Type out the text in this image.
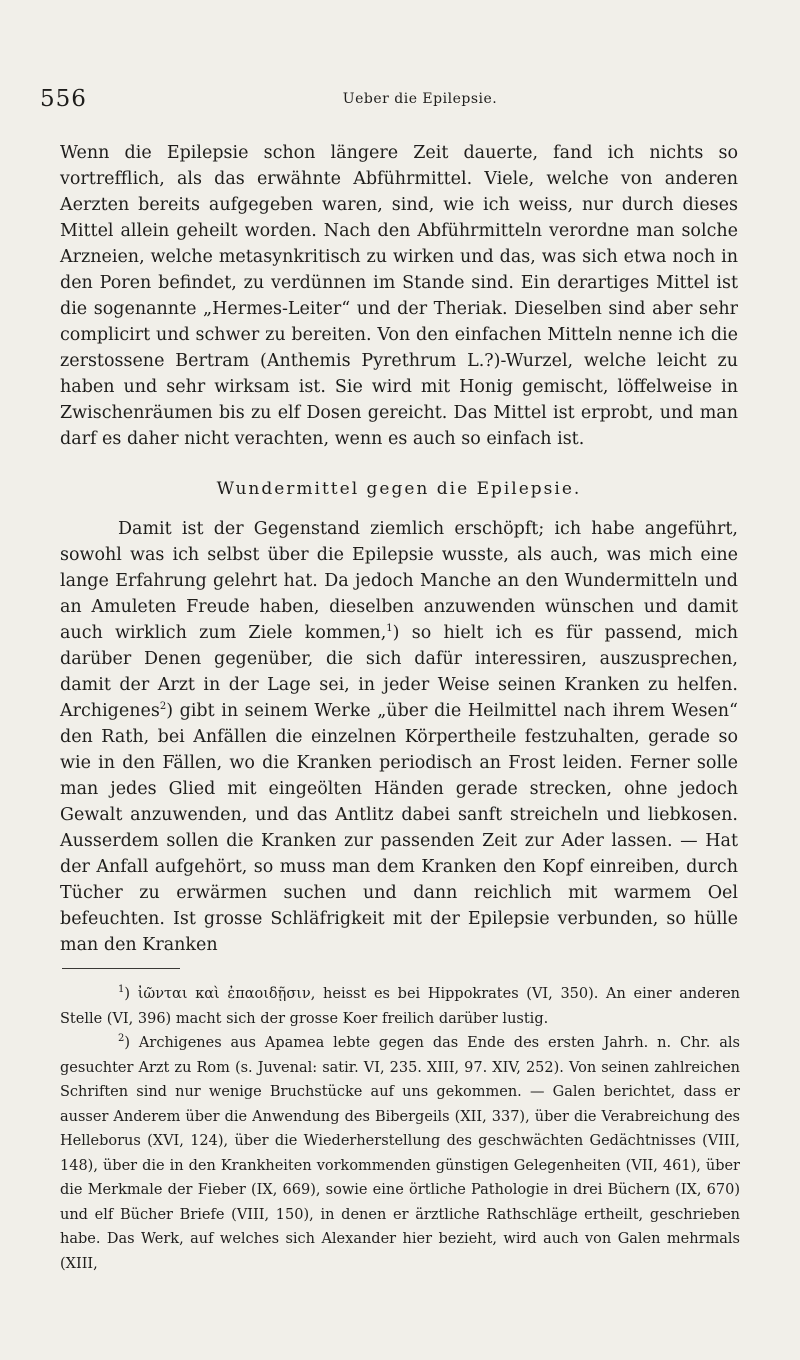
556	Ueber die Epilepsie.

Wenn die Epilepsie schon längere Zeit dauerte, fand ich nichts so vortrefflich, als das erwähnte Abführmittel. Viele, welche von anderen Aerzten bereits aufgegeben waren, sind, wie ich weiss, nur durch dieses Mittel allein geheilt worden. Nach den Abführmitteln verordne man solche Arzneien, welche metasynkritisch zu wirken und das, was sich etwa noch in den Poren befindet, zu verdünnen im Stande sind. Ein derartiges Mittel ist die sogenannte „Hermes-Leiter“ und der Theriak. Dieselben sind aber sehr complicirt und schwer zu bereiten. Von den einfachen Mitteln nenne ich die zerstossene Bertram (Anthemis Pyrethrum L.?)-Wurzel, welche leicht zu haben und sehr wirksam ist. Sie wird mit Honig gemischt, löffelweise in Zwischenräumen bis zu elf Dosen gereicht. Das Mittel ist erprobt, und man darf es daher nicht verachten, wenn es auch so einfach ist.

Wundermittel gegen die Epilepsie.

Damit ist der Gegenstand ziemlich erschöpft; ich habe angeführt, sowohl was ich selbst über die Epilepsie wusste, als auch, was mich eine lange Erfahrung gelehrt hat. Da jedoch Manche an den Wundermitteln und an Amuleten Freude haben, dieselben anzuwenden wünschen und damit auch wirklich zum Ziele kommen,$^1$) so hielt ich es für passend, mich darüber Denen gegenüber, die sich dafür interessiren, auszusprechen, damit der Arzt in der Lage sei, in jeder Weise seinen Kranken zu helfen. Archigenes$^2$) gibt in seinem Werke „über die Heilmittel nach ihrem Wesen“ den Rath, bei Anfällen die einzelnen Körpertheile festzuhalten, gerade so wie in den Fällen, wo die Kranken periodisch an Frost leiden. Ferner solle man jedes Glied mit eingeölten Händen gerade strecken, ohne jedoch Gewalt anzuwenden, und das Antlitz dabei sanft streicheln und liebkosen. Ausserdem sollen die Kranken zur passenden Zeit zur Ader lassen. — Hat der Anfall aufgehört, so muss man dem Kranken den Kopf einreiben, durch Tücher zu erwärmen suchen und dann reichlich mit warmem Oel befeuchten. Ist grosse Schläfrigkeit mit der Epilepsie verbunden, so hülle man den Kranken

$^1$) ἰῶνται καὶ ἐπαοιδῇσιν, heisst es bei Hippokrates (VI, 350). An einer anderen Stelle (VI, 396) macht sich der grosse Koer freilich darüber lustig.

$^2$) Archigenes aus Apamea lebte gegen das Ende des ersten Jahrh. n. Chr. als gesuchter Arzt zu Rom (s. Juvenal: satir. VI, 235. XIII, 97. XIV, 252). Von seinen zahlreichen Schriften sind nur wenige Bruchstücke auf uns gekommen. — Galen berichtet, dass er ausser Anderem über die Anwendung des Bibergeils (XII, 337), über die Verabreichung des Helleborus (XVI, 124), über die Wiederherstellung des geschwächten Gedächtnisses (VIII, 148), über die in den Krankheiten vorkommenden günstigen Gelegenheiten (VII, 461), über die Merkmale der Fieber (IX, 669), sowie eine örtliche Pathologie in drei Büchern (IX, 670) und elf Bücher Briefe (VIII, 150), in denen er ärztliche Rathschläge ertheilt, geschrieben habe. Das Werk, auf welches sich Alexander hier bezieht, wird auch von Galen mehrmals (XIII,
